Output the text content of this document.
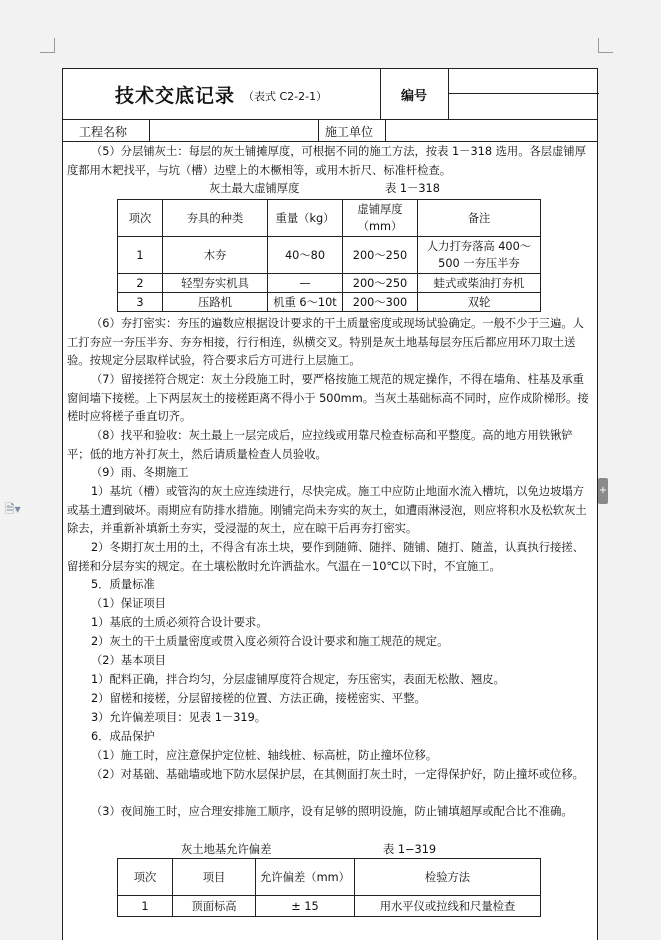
🗎▾
+
技术交底记录 （表式 C2-2-1）	编号
工程名称	施工单位
（5）分层铺灰土：每层的灰土铺摊厚度，可根据不同的施工方法，按表 1－318 选用。各层虚铺厚度都用木耙找平，与坑（槽）边壁上的木橛相等，或用木折尺、标准杆检查。
灰土最大虚铺厚度	表 1－318
项次	夯具的种类	重量（kg）	虚铺厚度（mm）	备注
1	木夯	40～80	200～250	人力打夯落高 400～500 一夯压半夯
2	轻型夯实机具	—	200～250	蛙式或柴油打夯机
3	压路机	机重 6～10t	200～300	双轮
（6）夯打密实：夯压的遍数应根据设计要求的干土质量密度或现场试验确定。一般不少于三遍。人工打夯应一夯压半夯、夯夯相接，行行相连，纵横交叉。特别是灰土地基每层夯压后都应用环刀取土送验。按规定分层取样试验，符合要求后方可进行上层施工。
（7）留接搓符合规定：灰土分段施工时，要严格按施工规范的规定操作，不得在墙角、柱基及承重窗间墙下接槎。上下两层灰土的接槎距离不得小于 500mm。当灰土基础标高不同时，应作成阶梯形。接槎时应将槎子垂直切齐。
（8）找平和验收：灰土最上一层完成后，应拉线或用靠尺检查标高和平整度。高的地方用铁锹铲平；低的地方补打灰土，然后请质量检查人员验收。
（9）雨、冬期施工
1）基坑（槽）或管沟的灰土应连续进行，尽快完成。施工中应防止地面水流入槽坑，以免边坡塌方或基土遭到破坏。雨期应有防排水措施。刚铺完尚未夯实的灰土，如遭雨淋浸泡，则应将积水及松软灰土除去，并重新补填新土夯实，受浸湿的灰土，应在晾干后再夯打密实。
2）冬期打灰土用的土，不得含有冻土块，要作到随筛、随拌、随铺、随打、随盖，认真执行接搓、留搓和分层夯实的规定。在土壤松散时允许洒盐水。气温在－10℃以下时，不宜施工。
5．质量标准
（1）保证项目
1）基底的土质必须符合设计要求。
2）灰土的干土质量密度或贯入度必须符合设计要求和施工规范的规定。
（2）基本项目
1）配料正确，拌合均匀，分层虚铺厚度符合规定，夯压密实，表面无松散、翘皮。
2）留槎和接槎，分层留接槎的位置、方法正确，接槎密实、平整。
3）允许偏差项目：见表 1－319。
6．成品保护
（1）施工时，应注意保护定位桩、轴线桩、标高桩，防止撞坏位移。
（2）对基础、基础墙或地下防水层保护层，在其侧面打灰土时，一定得保护好，防止撞坏或位移。
（3）夜间施工时，应合理安排施工顺序，设有足够的照明设施，防止铺填超厚或配合比不准确。
灰土地基允许偏差	表 1−319
项次	项目	允许偏差（mm）	检验方法
1	顶面标高	± 15	用水平仪或拉线和尺量检查
